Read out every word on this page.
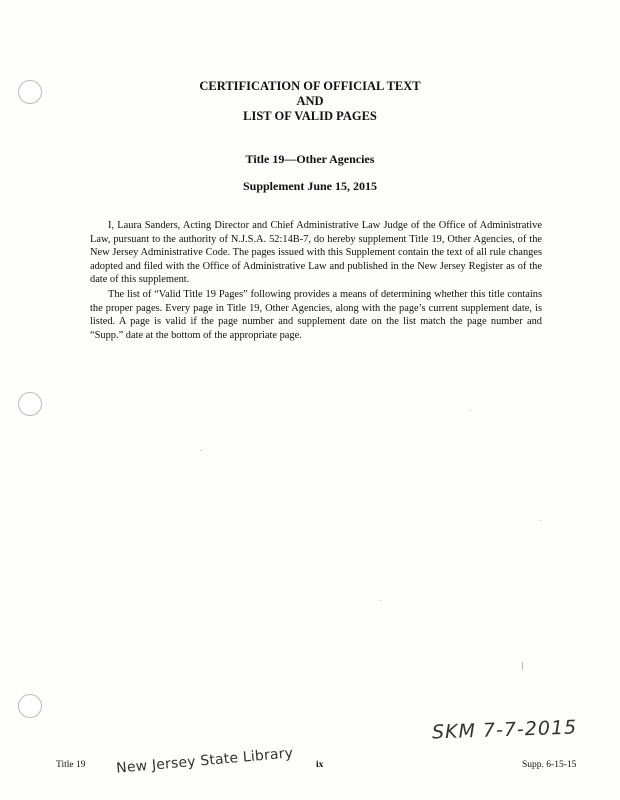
CERTIFICATION OF OFFICIAL TEXT
AND
LIST OF VALID PAGES
Title 19—Other Agencies
Supplement June 15, 2015
I, Laura Sanders, Acting Director and Chief Administrative Law Judge of the Office of Administrative Law, pursuant to the authority of N.J.S.A. 52:14B-7, do hereby supplement Title 19, Other Agencies, of the New Jersey Administrative Code. The pages issued with this Supplement contain the text of all rule changes adopted and filed with the Office of Administrative Law and published in the New Jersey Register as of the date of this supplement.
The list of “Valid Title 19 Pages” following provides a means of determining whether this title contains the proper pages. Every page in Title 19, Other Agencies, along with the page’s current supplement date, is listed. A page is valid if the page number and supplement date on the list match the page number and “Supp.” date at the bottom of the appropriate page.
SKM 7-7-2015
New Jersey State Library
Title 19	ix	Supp. 6-15-15
